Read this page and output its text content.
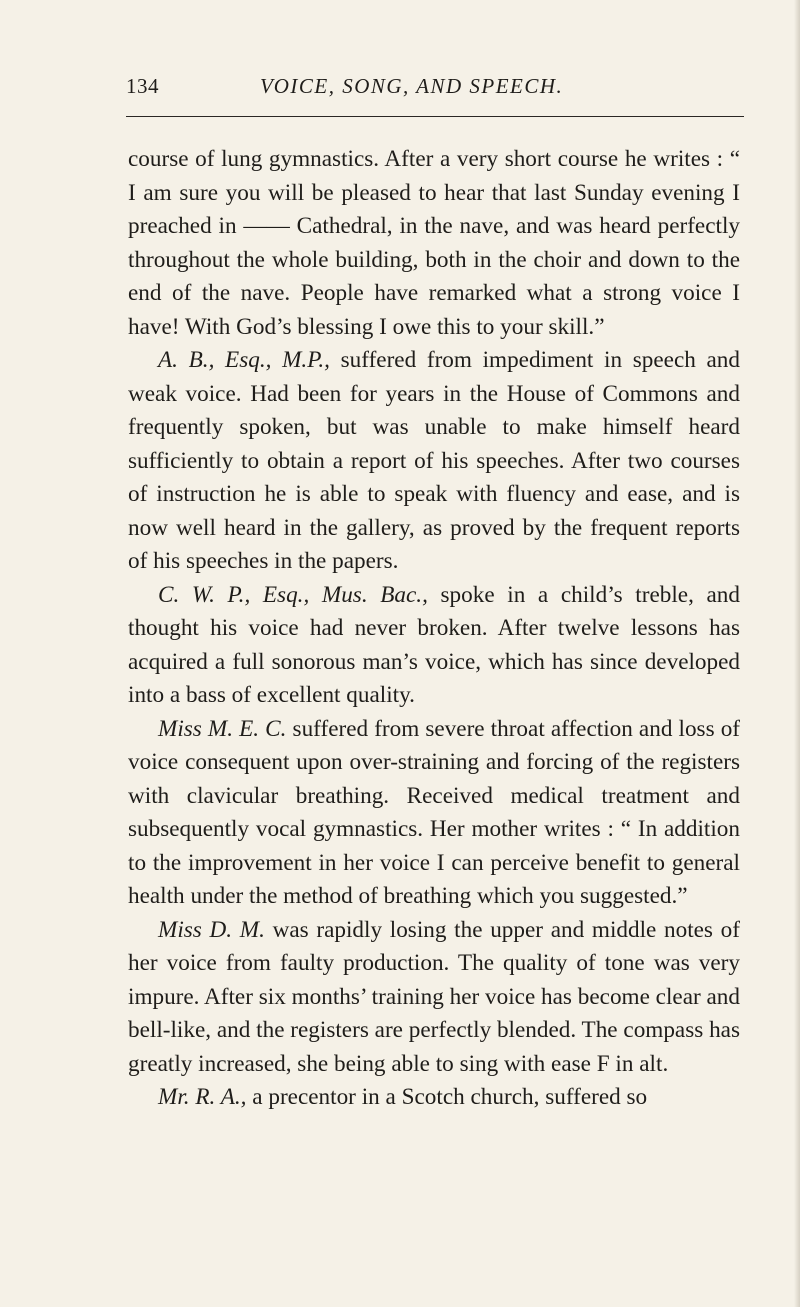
134	VOICE, SONG, AND SPEECH.

course of lung gymnastics. After a very short course he writes : “ I am sure you will be pleased to hear that last Sunday evening I preached in —— Cathedral, in the nave, and was heard perfectly throughout the whole building, both in the choir and down to the end of the nave. People have remarked what a strong voice I have! With God’s blessing I owe this to your skill.”

A. B., Esq., M.P., suffered from impediment in speech and weak voice. Had been for years in the House of Commons and frequently spoken, but was unable to make himself heard sufficiently to obtain a report of his speeches. After two courses of instruction he is able to speak with fluency and ease, and is now well heard in the gallery, as proved by the frequent reports of his speeches in the papers.

C. W. P., Esq., Mus. Bac., spoke in a child’s treble, and thought his voice had never broken. After twelve lessons has acquired a full sonorous man’s voice, which has since developed into a bass of excellent quality.

Miss M. E. C. suffered from severe throat affection and loss of voice consequent upon over-straining and forcing of the registers with clavicular breathing. Received medical treatment and subsequently vocal gymnastics. Her mother writes : “ In addition to the improvement in her voice I can perceive benefit to general health under the method of breathing which you suggested.”

Miss D. M. was rapidly losing the upper and middle notes of her voice from faulty production. The quality of tone was very impure. After six months’ training her voice has become clear and bell-like, and the registers are perfectly blended. The compass has greatly increased, she being able to sing with ease F in alt.

Mr. R. A., a precentor in a Scotch church, suffered so
